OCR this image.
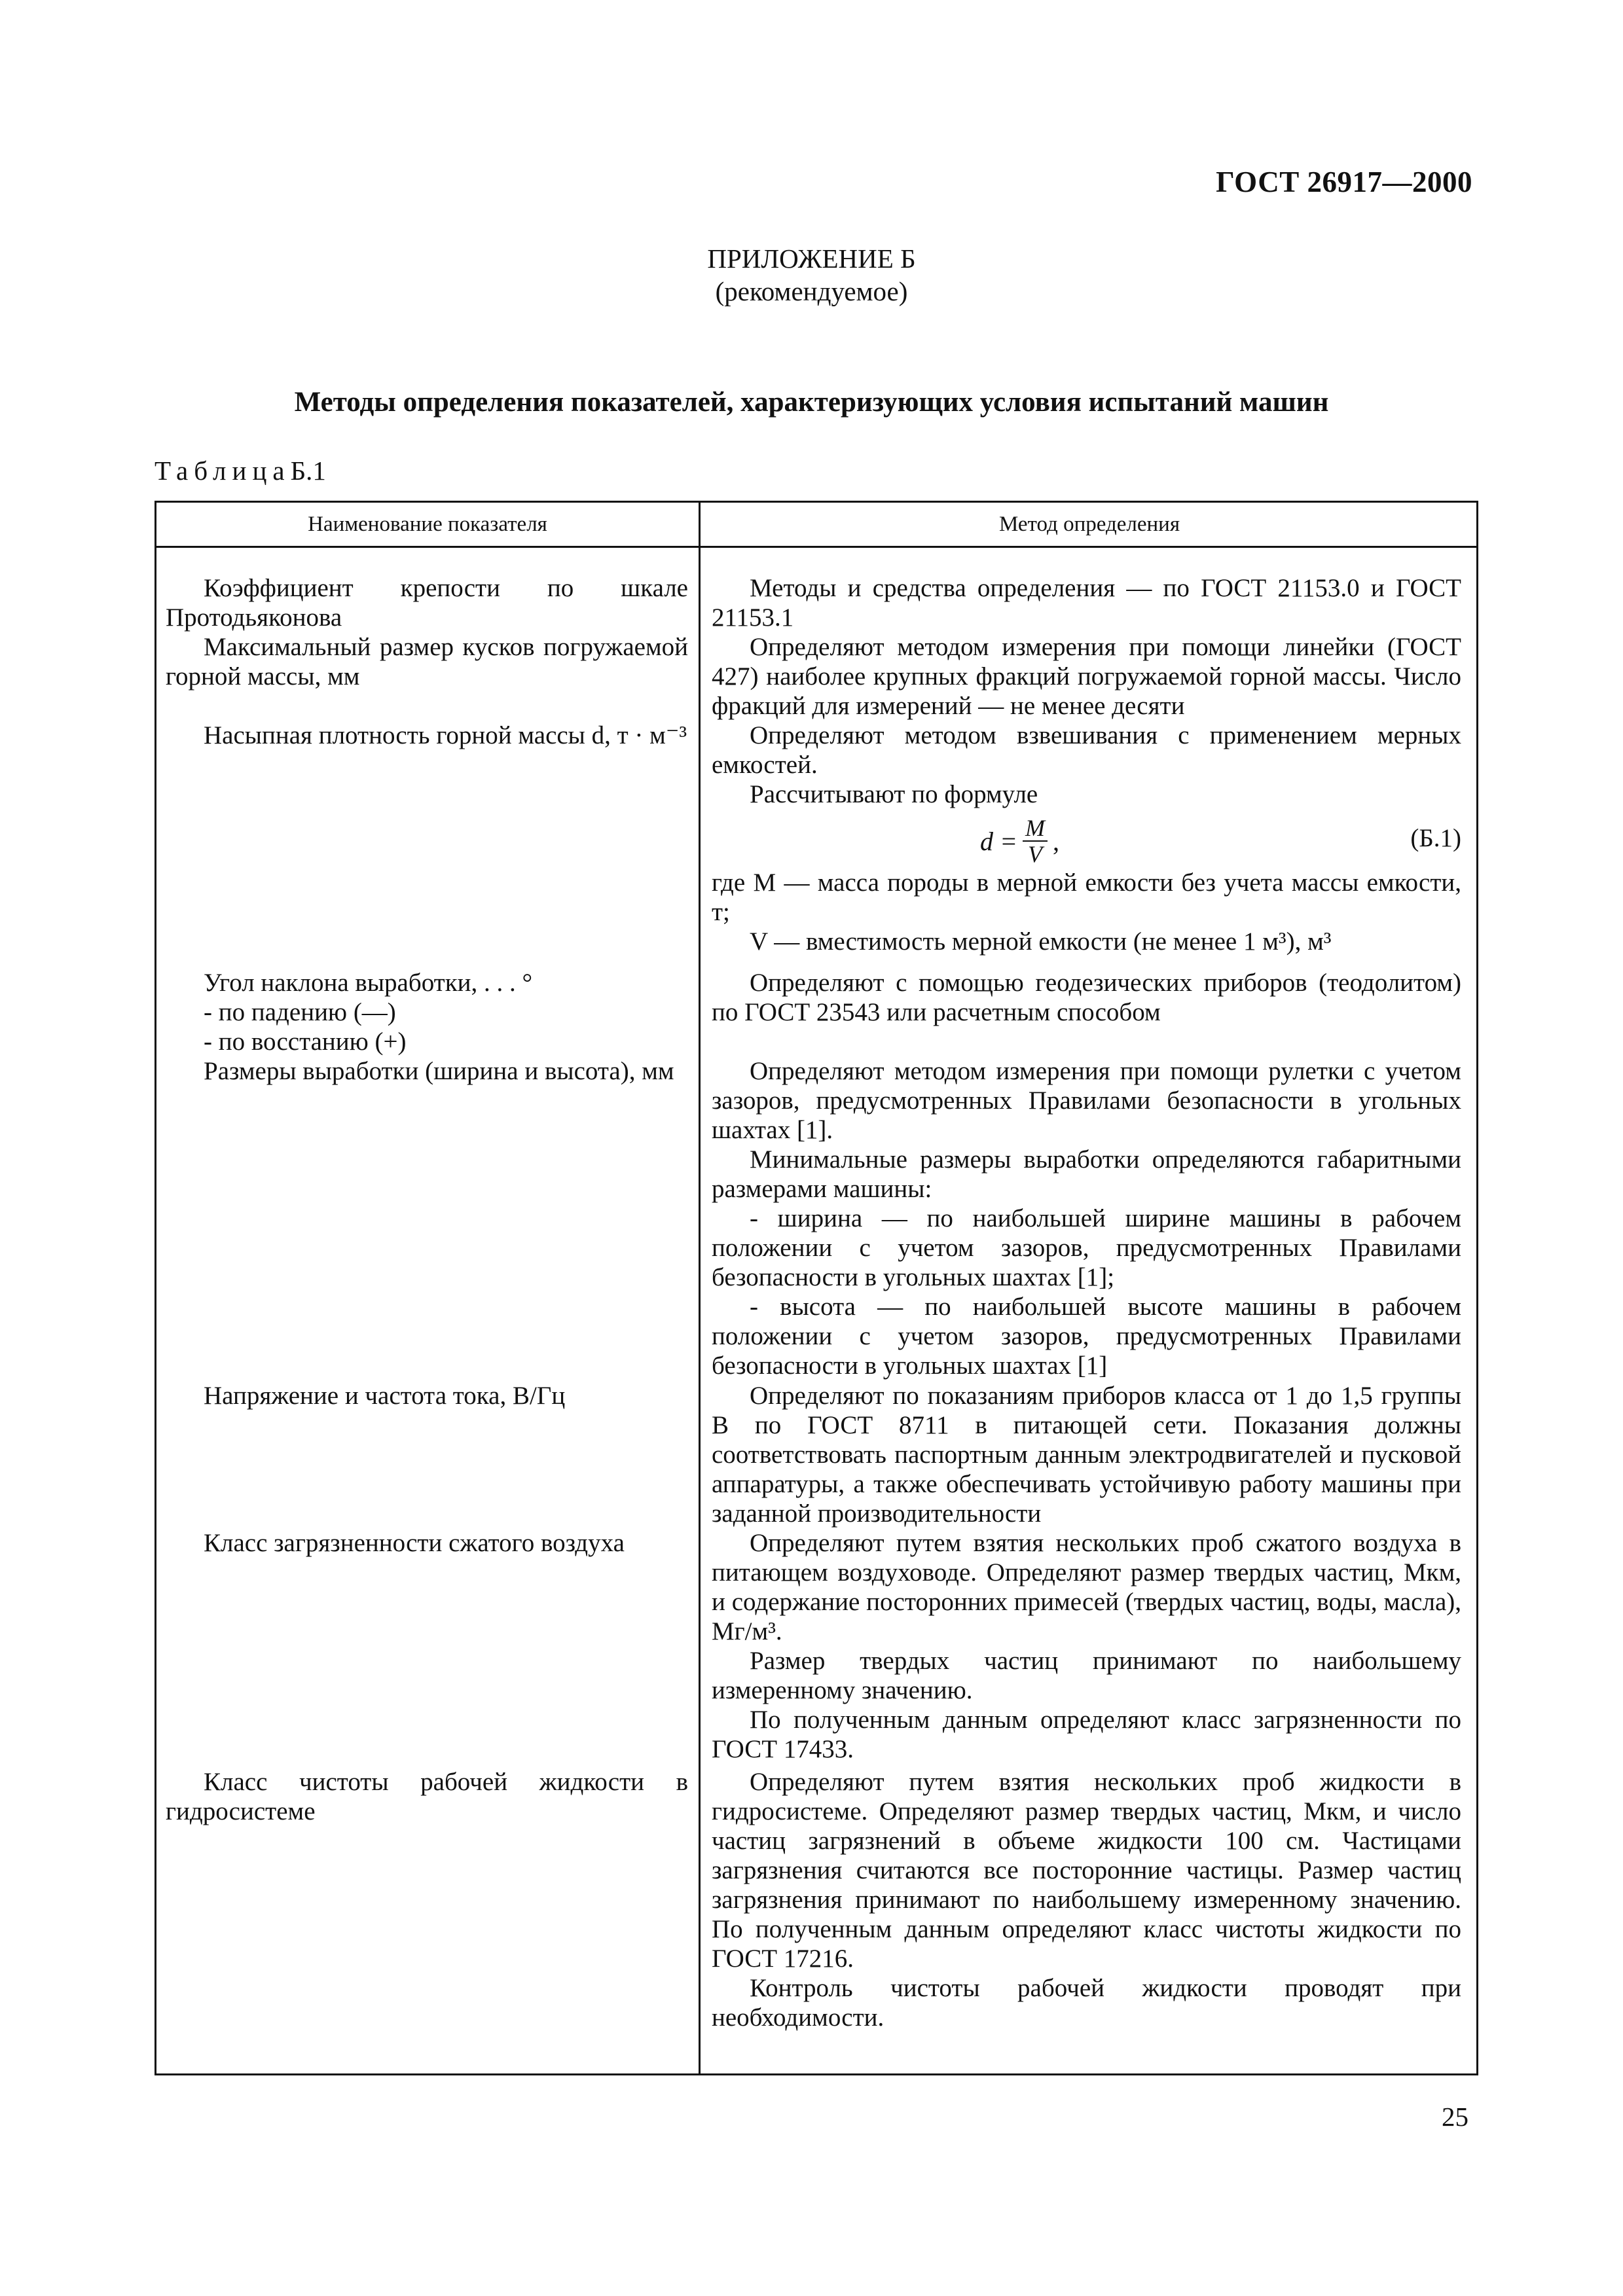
ГОСТ 26917—2000
ПРИЛОЖЕНИЕ Б
(рекомендуемое)
Методы определения показателей, характеризующих условия испытаний машин
ТаблицаБ.1
Наименование показателя	Метод определения

Коэффициент крепости по шкале Протодьяконова

Максимальный размер кусков погружаемой горной массы, мм

Насыпная плотность горной массы d, т · м⁻³

Угол наклона выработки, . . . °

- по падению (—)

- по восстанию (+)

Размеры выработки (ширина и высота), мм

Напряжение и частота тока, В/Гц

Класс загрязненности сжатого воздуха

Класс чистоты рабочей жидкости в гидросистеме

Методы и средства определения — по ГОСТ 21153.0 и ГОСТ 21153.1

Определяют методом измерения при помощи линейки (ГОСТ 427) наиболее крупных фракций погружаемой горной массы. Число фракций для измерений — не менее десяти

Определяют методом взвешивания с применением мерных емкостей.

Рассчитывают по формуле

$d = \frac{M}{V}$ ,	(Б.1)

где M — масса породы в мерной емкости без учета массы емкости, т;

V — вместимость мерной емкости (не менее 1 м³), м³

Определяют с помощью геодезических приборов (теодолитом) по ГОСТ 23543 или расчетным способом

Определяют методом измерения при помощи рулетки с учетом зазоров, предусмотренных Правилами безопасности в угольных шахтах [1].

Минимальные размеры выработки определяются габаритными размерами машины:

- ширина — по наибольшей ширине машины в рабочем положении с учетом зазоров, предусмотренных Правилами безопасности в угольных шахтах [1];

- высота — по наибольшей высоте машины в рабочем положении с учетом зазоров, предусмотренных Правилами безопасности в угольных шахтах [1]

Определяют по показаниям приборов класса от 1 до 1,5 группы В по ГОСТ 8711 в питающей сети. Показания должны соответствовать паспортным данным электродвигателей и пусковой аппаратуры, а также обеспечивать устойчивую работу машины при заданной производительности

Определяют путем взятия нескольких проб сжатого воздуха в питающем воздуховоде. Определяют размер твердых частиц, Мкм, и содержание посторонних примесей (твердых частиц, воды, масла), Мг/м³.

Размер твердых частиц принимают по наибольшему измеренному значению.

По полученным данным определяют класс загрязненности по ГОСТ 17433.

Определяют путем взятия нескольких проб жидкости в гидросистеме. Определяют размер твердых частиц, Мкм, и число частиц загрязнений в объеме жидкости 100 см. Частицами загрязнения считаются все посторонние частицы. Размер частиц загрязнения принимают по наибольшему измеренному значению. По полученным данным определяют класс чистоты жидкости по ГОСТ 17216.

Контроль чистоты рабочей жидкости проводят при необходимости.

25
